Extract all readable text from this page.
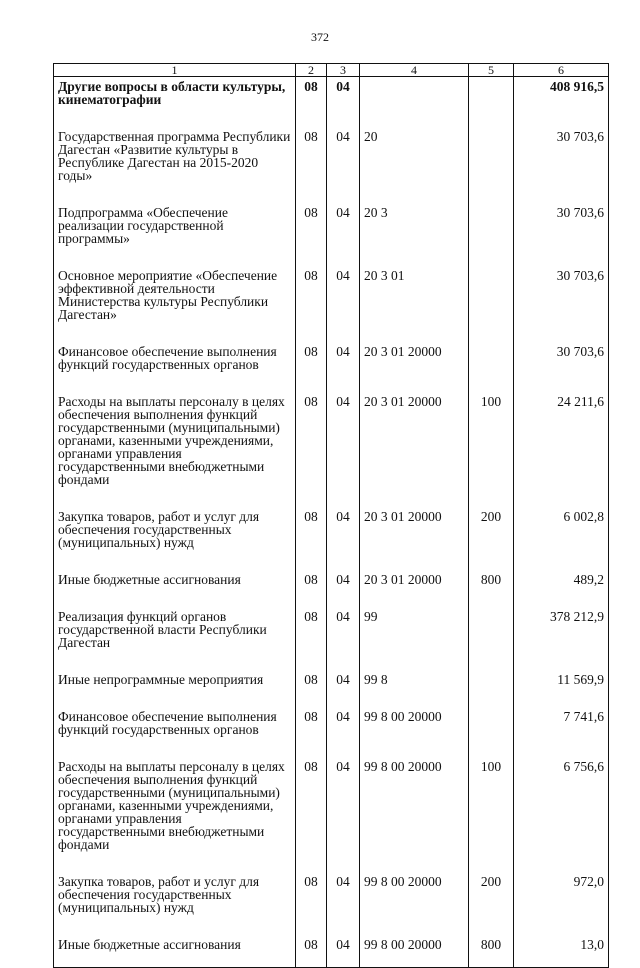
372
1	2	3	4	5	6
Другие вопросы в области культуры, кинематографии	08	04			408 916,5
Государственная программа Республики Дагестан «Развитие культуры в Республике Дагестан на 2015-2020 годы»	08	04	20		30 703,6
Подпрограмма «Обеспечение реализации государственной программы»	08	04	20 3		30 703,6
Основное мероприятие «Обеспечение эффективной деятельности Министерства культуры Республики Дагестан»	08	04	20 3 01		30 703,6
Финансовое обеспечение выполнения функций государственных органов	08	04	20 3 01 20000		30 703,6
Расходы на выплаты персоналу в целях обеспечения выполнения функций государственными (муниципальными) органами, казенными учреждениями, органами управления государственными внебюджетными фондами	08	04	20 3 01 20000	100	24 211,6
Закупка товаров, работ и услуг для обеспечения государственных (муниципальных) нужд	08	04	20 3 01 20000	200	6 002,8
Иные бюджетные ассигнования	08	04	20 3 01 20000	800	489,2
Реализация функций органов государственной власти Республики Дагестан	08	04	99		378 212,9
Иные непрограммные мероприятия	08	04	99 8		11 569,9
Финансовое обеспечение выполнения функций государственных органов	08	04	99 8 00 20000		7 741,6
Расходы на выплаты персоналу в целях обеспечения выполнения функций государственными (муниципальными) органами, казенными учреждениями, органами управления государственными внебюджетными фондами	08	04	99 8 00 20000	100	6 756,6
Закупка товаров, работ и услуг для обеспечения государственных (муниципальных) нужд	08	04	99 8 00 20000	200	972,0
Иные бюджетные ассигнования	08	04	99 8 00 20000	800	13,0
